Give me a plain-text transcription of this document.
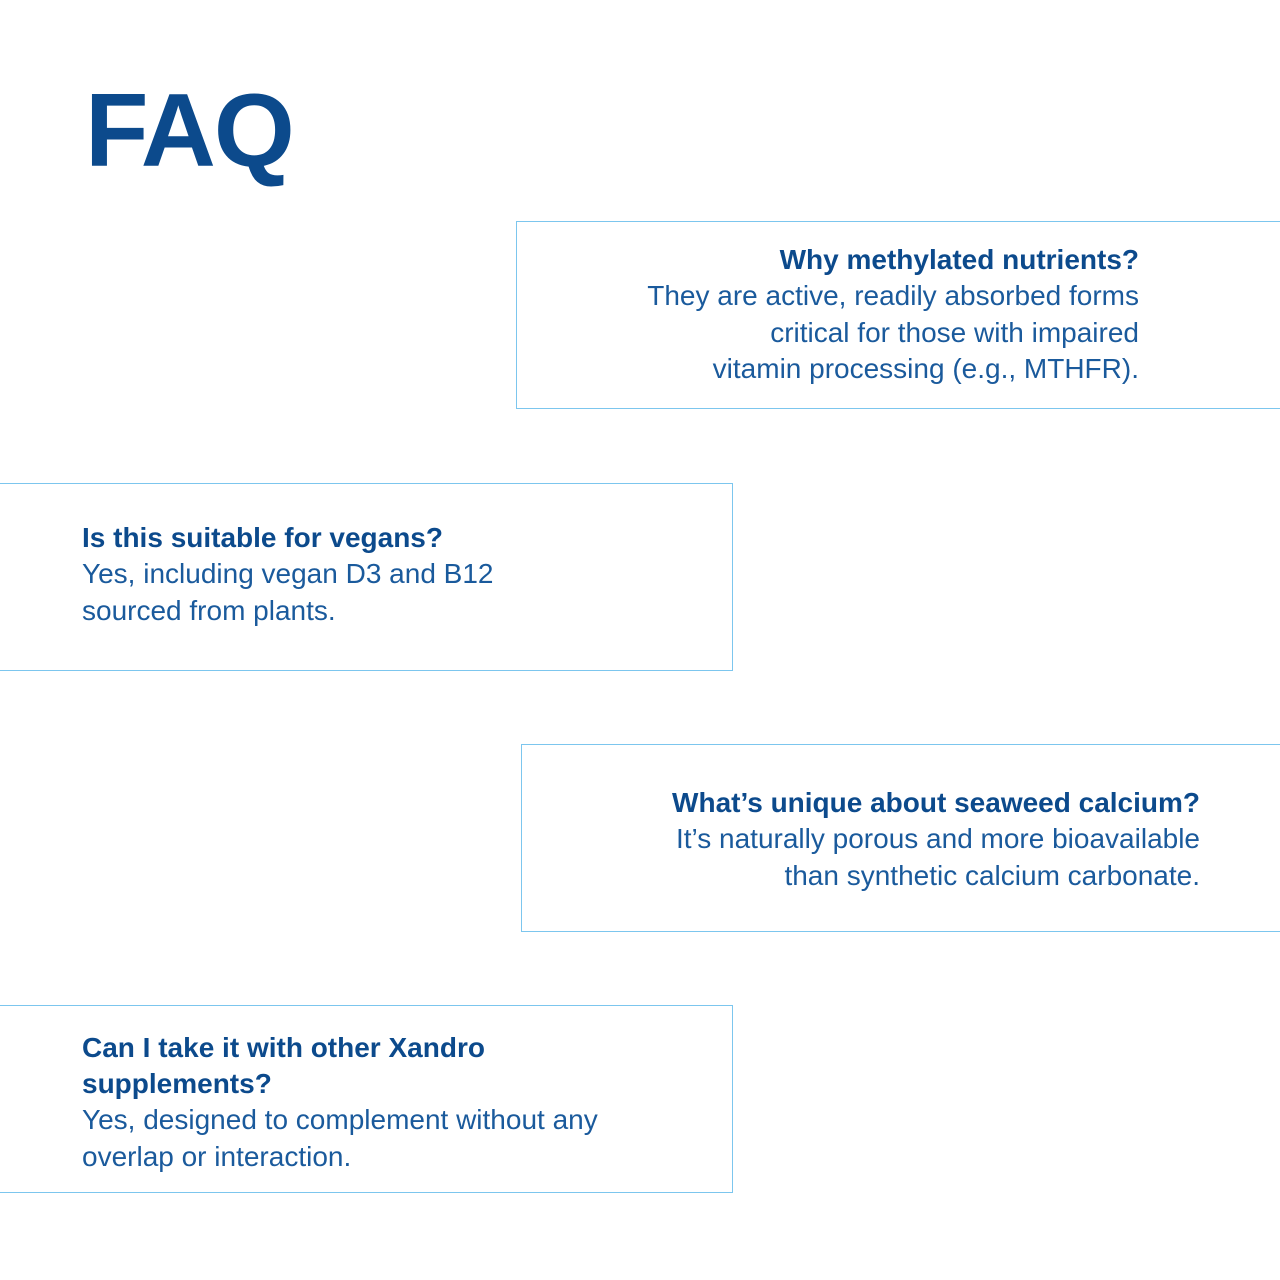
FAQ

Why methylated nutrients?

They are active, readily absorbed forms
critical for those with impaired
vitamin processing (e.g., MTHFR).

Is this suitable for vegans?

Yes, including vegan D3 and B12
sourced from plants.

What’s unique about seaweed calcium?

It’s naturally porous and more bioavailable
than synthetic calcium carbonate.

Can I take it with other Xandro
supplements?

Yes, designed to complement without any
overlap or interaction.
